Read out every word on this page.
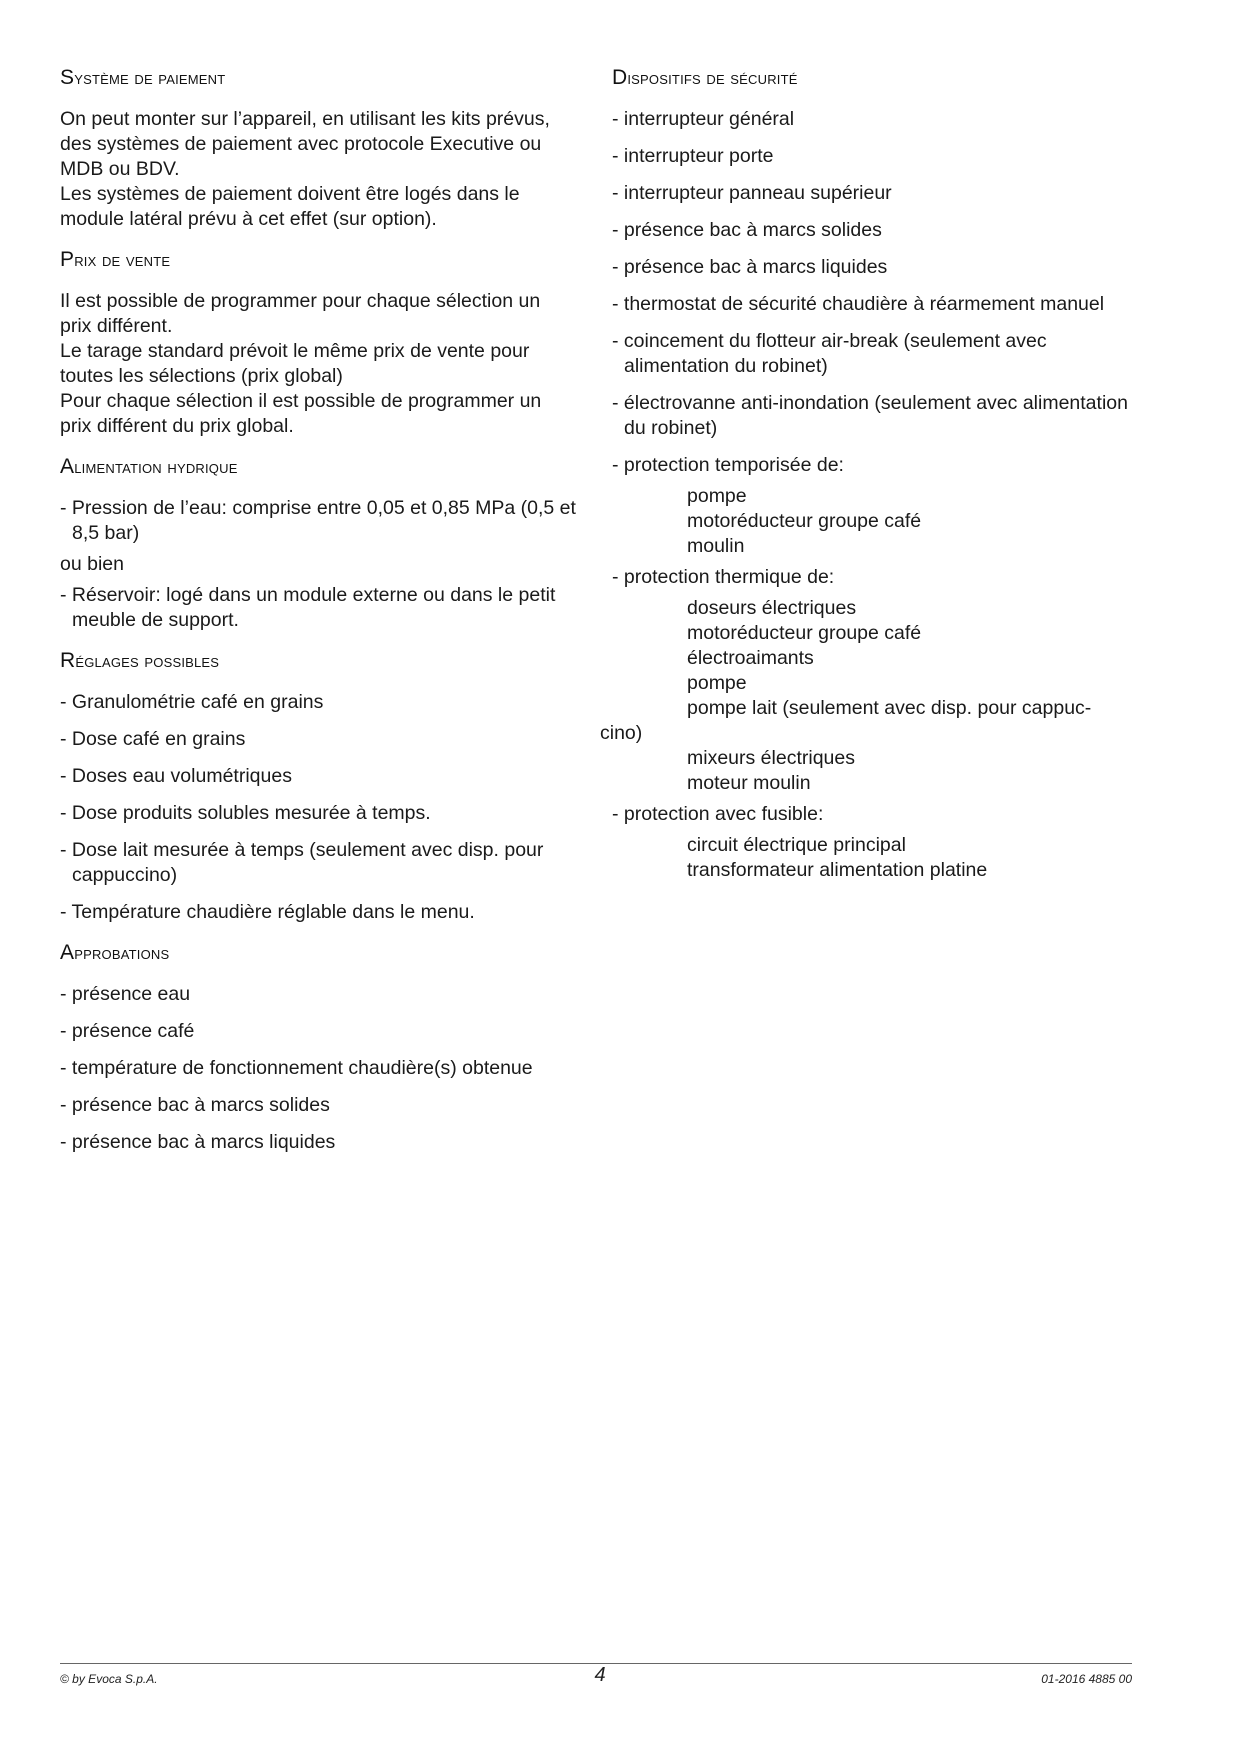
Système de paiement

On peut monter sur l’appareil, en utilisant les kits prévus,

des systèmes de paiement avec protocole Executive ou

MDB ou BDV.

Les systèmes de paiement doivent être logés dans le

module latéral prévu à cet effet (sur option).

Prix de vente

Il est possible de programmer pour chaque sélection un

prix différent.

Le tarage standard prévoit le même prix de vente pour

toutes les sélections (prix global)

Pour chaque sélection il est possible de programmer un

prix différent du prix global.

Alimentation hydrique

- Pression de l’eau: comprise entre 0,05 et 0,85 MPa (0,5 et 8,5 bar)

ou bien

- Réservoir: logé dans un module externe ou dans le petit meuble de support.

Réglages possibles

- Granulométrie café en grains

- Dose café en grains

- Doses eau volumétriques

- Dose produits solubles mesurée à temps.

- Dose lait mesurée à temps (seulement avec disp. pour cappuccino)

- Température chaudière réglable dans le menu.

Approbations

- présence eau

- présence café

- température de fonctionnement chaudière(s) obtenue

- présence bac à marcs solides

- présence bac à marcs liquides

Dispositifs de sécurité

- interrupteur général

- interrupteur porte

- interrupteur panneau supérieur

- présence bac à marcs solides

- présence bac à marcs liquides

- thermostat de sécurité chaudière à réarmement manuel

- coincement du flotteur air-break (seulement avec alimentation du robinet)

- électrovanne anti-inondation (seulement avec alimentation du robinet)

- protection temporisée de:

pompe

motoréducteur groupe café

moulin

- protection thermique de:

doseurs électriques

motoréducteur groupe café

électroaimants

pompe

pompe lait (seulement avec disp. pour cappuc-

cino)

mixeurs électriques

moteur moulin

- protection avec fusible:

circuit électrique principal

transformateur alimentation platine

© by Evoca S.p.A.	4	01-2016 4885 00
